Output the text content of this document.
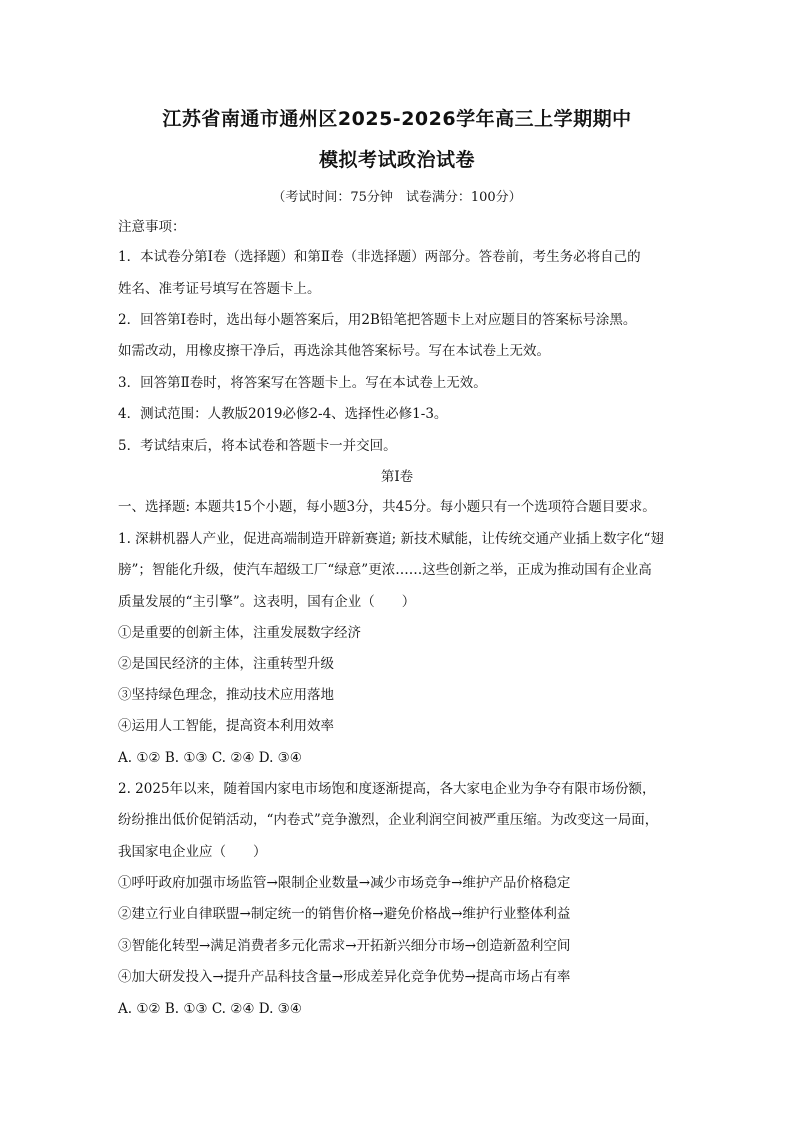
江苏省南通市通州区2025-2026学年高三上学期期中
模拟考试政治试卷
（考试时间：75分钟　试卷满分：100分）
注意事项：
1．本试卷分第Ⅰ卷（选择题）和第Ⅱ卷（非选择题）两部分。答卷前，考生务必将自己的
姓名、准考证号填写在答题卡上。
2．回答第Ⅰ卷时，选出每小题答案后，用2B铅笔把答题卡上对应题目的答案标号涂黑。
如需改动，用橡皮擦干净后，再选涂其他答案标号。写在本试卷上无效。
3．回答第Ⅱ卷时，将答案写在答题卡上。写在本试卷上无效。
4．测试范围：人教版2019必修2-4、选择性必修1-3。
5．考试结束后，将本试卷和答题卡一并交回。
第Ⅰ卷
一、选择题: 本题共15个小题，每小题3分，共45分。每小题只有一个选项符合题目要求。
1. 深耕机器人产业，促进高端制造开辟新赛道; 新技术赋能，让传统交通产业插上数字化“翅
膀”；智能化升级，使汽车超级工厂“绿意”更浓……这些创新之举，正成为推动国有企业高
质量发展的“主引擎”。这表明，国有企业（　　）
①是重要的创新主体，注重发展数字经济
②是国民经济的主体，注重转型升级
③坚持绿色理念，推动技术应用落地
④运用人工智能，提高资本利用效率
A. ①② B. ①③ C. ②④ D. ③④
2. 2025年以来，随着国内家电市场饱和度逐渐提高，各大家电企业为争夺有限市场份额，
纷纷推出低价促销活动，“内卷式”竞争激烈，企业利润空间被严重压缩。为改变这一局面，
我国家电企业应（　　）
①呼吁政府加强市场监管→限制企业数量→减少市场竞争→维护产品价格稳定
②建立行业自律联盟→制定统一的销售价格→避免价格战→维护行业整体利益
③智能化转型→满足消费者多元化需求→开拓新兴细分市场→创造新盈利空间
④加大研发投入→提升产品科技含量→形成差异化竞争优势→提高市场占有率
A. ①② B. ①③ C. ②④ D. ③④
